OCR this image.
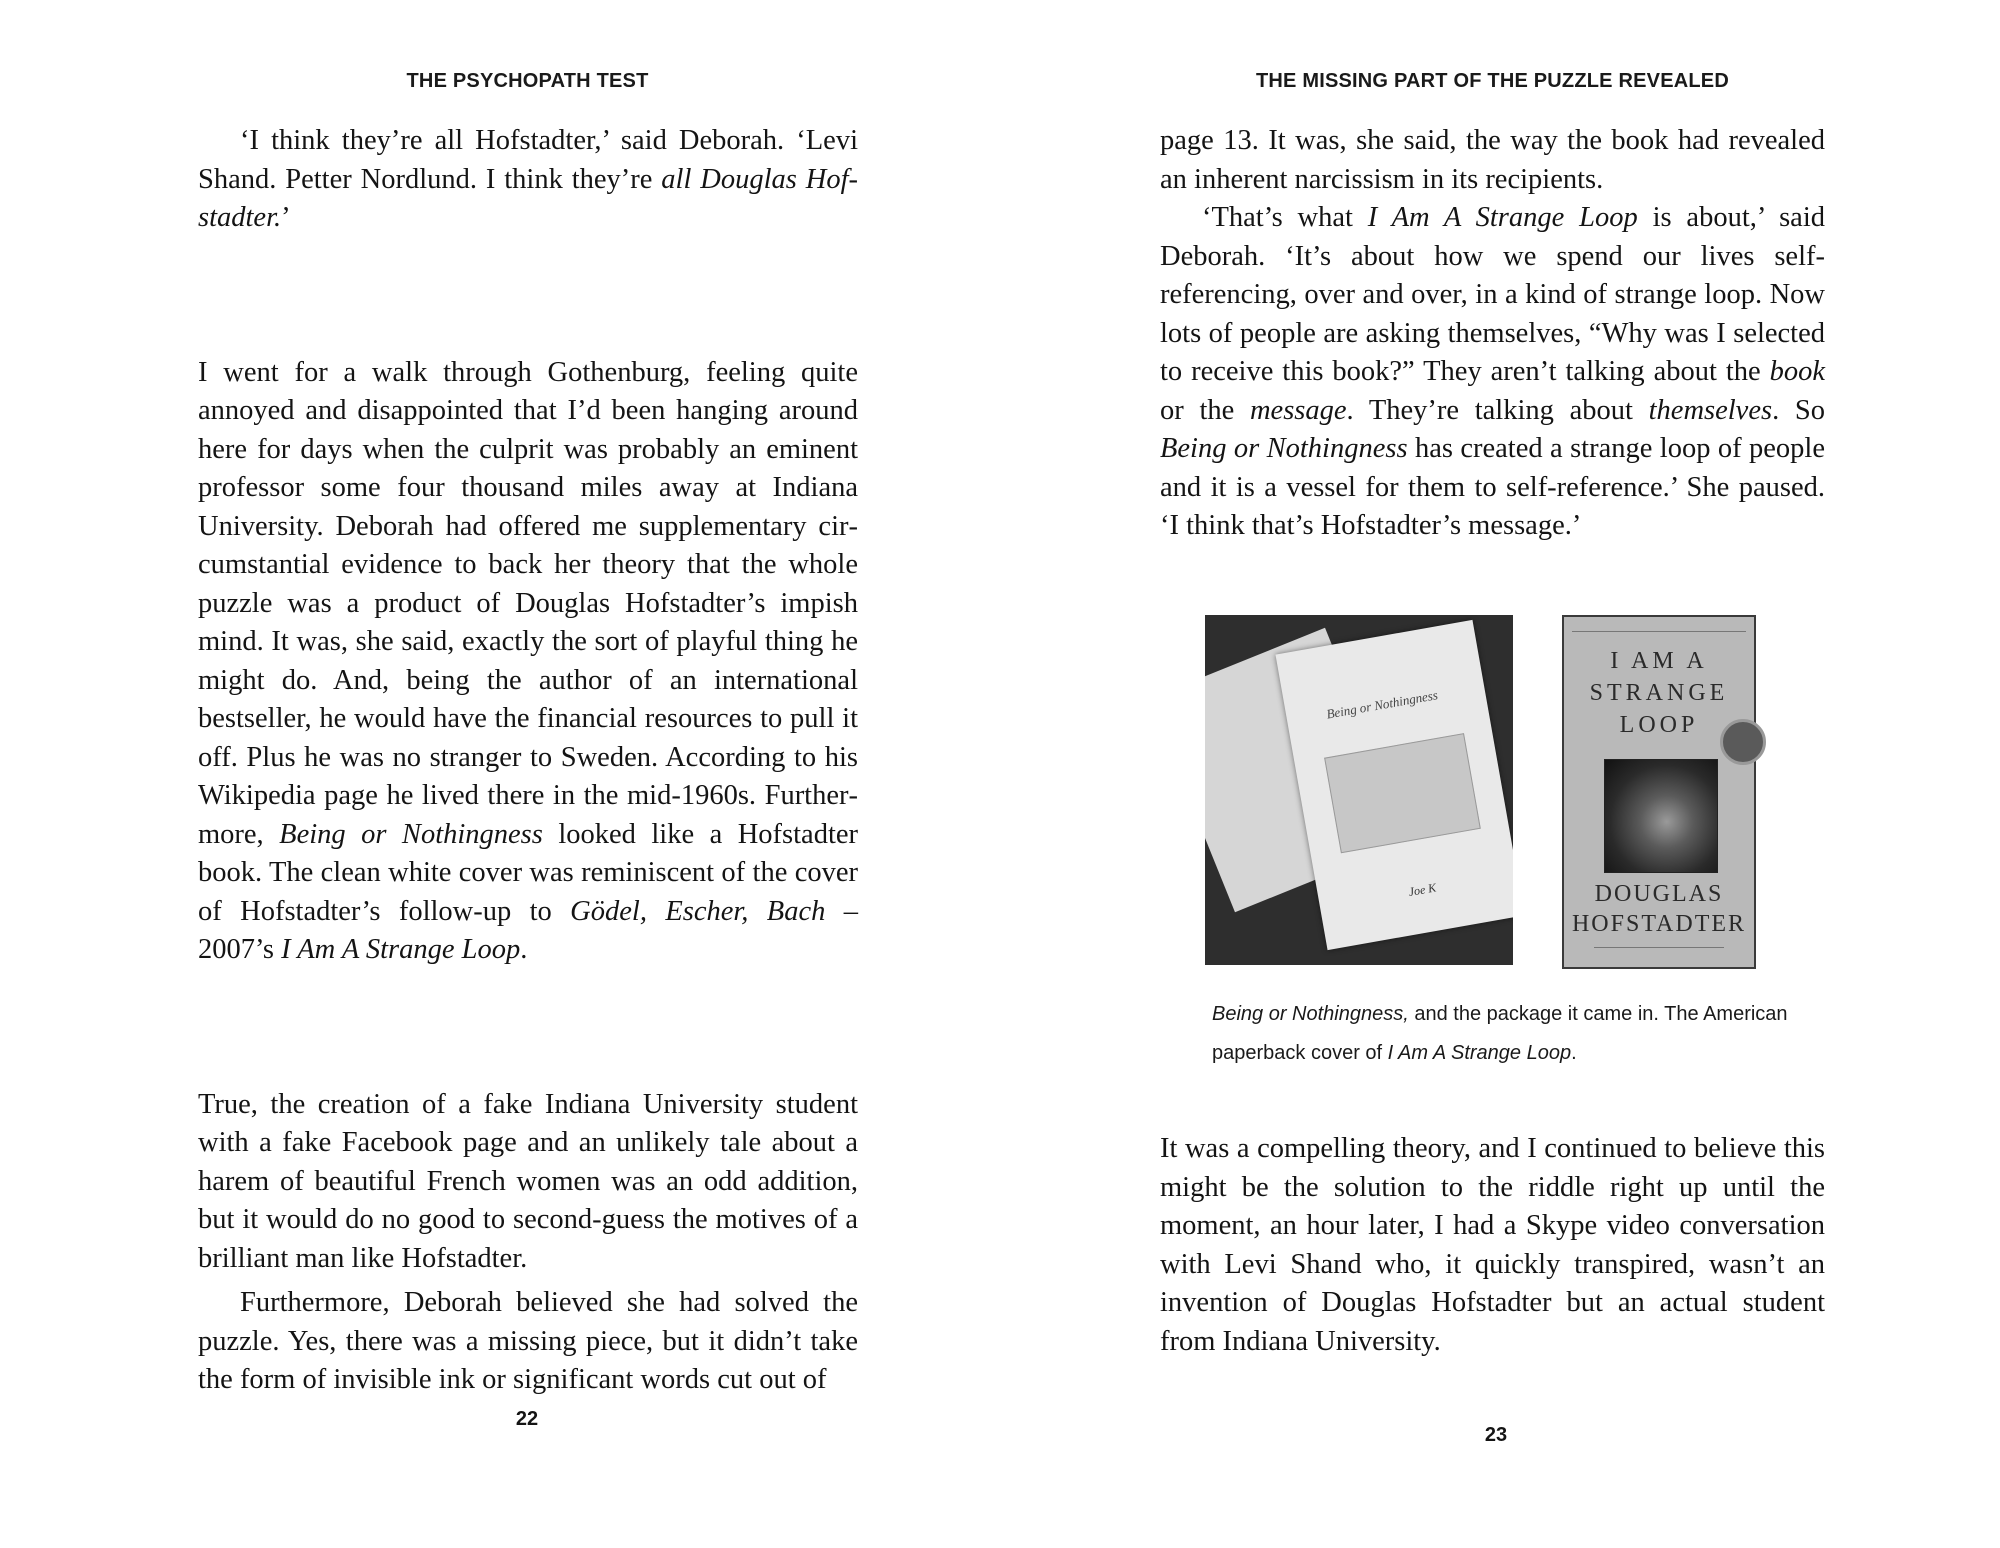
THE PSYCHOPATH TEST

‘I think they’re all Hofstadter,’ said Deborah. ‘Levi Shand. Petter Nordlund. I think they’re all Douglas Hofstadter.’

I went for a walk through Gothenburg, feeling quite annoyed and disappointed that I’d been hanging around here for days when the culprit was probably an eminent professor some four thousand miles away at Indiana University. Deborah had offered me supplementary circumstantial evidence to back her theory that the whole puzzle was a product of Douglas Hofstadter’s impish mind. It was, she said, exactly the sort of playful thing he might do. And, being the author of an international bestseller, he would have the financial resources to pull it off. Plus he was no stranger to Sweden. According to his Wikipedia page he lived there in the mid-1960s. Furthermore, Being or Nothingness looked like a Hofstadter book. The clean white cover was reminiscent of the cover of Hofstadter’s follow-up to Gödel, Escher, Bach – 2007’s I Am A Strange Loop.

True, the creation of a fake Indiana University student with a fake Facebook page and an unlikely tale about a harem of beautiful French women was an odd addition, but it would do no good to second-guess the motives of a brilliant man like Hofstadter.

Furthermore, Deborah believed she had solved the puzzle. Yes, there was a missing piece, but it didn’t take the form of invisible ink or significant words cut out of

22

THE MISSING PART OF THE PUZZLE REVEALED

page 13. It was, she said, the way the book had revealed an inherent narcissism in its recipients.

‘That’s what I Am A Strange Loop is about,’ said Deborah. ‘It’s about how we spend our lives self-referencing, over and over, in a kind of strange loop. Now lots of people are asking themselves, “Why was I selected to receive this book?” They aren’t talking about the book or the message. They’re talking about themselves. So Being or Nothingness has created a strange loop of people and it is a vessel for them to self-reference.’ She paused. ‘I think that’s Hofstadter’s message.’

Being or Nothingness
Joe K
I AM A
STRANGE
LOOP
DOUGLAS
HOFSTADTER

Being or Nothingness, and the package it came in. The American paperback cover of I Am A Strange Loop.

It was a compelling theory, and I continued to believe this might be the solution to the riddle right up until the moment, an hour later, I had a Skype video conversation with Levi Shand who, it quickly transpired, wasn’t an invention of Douglas Hofstadter but an actual student from Indiana University.

23
